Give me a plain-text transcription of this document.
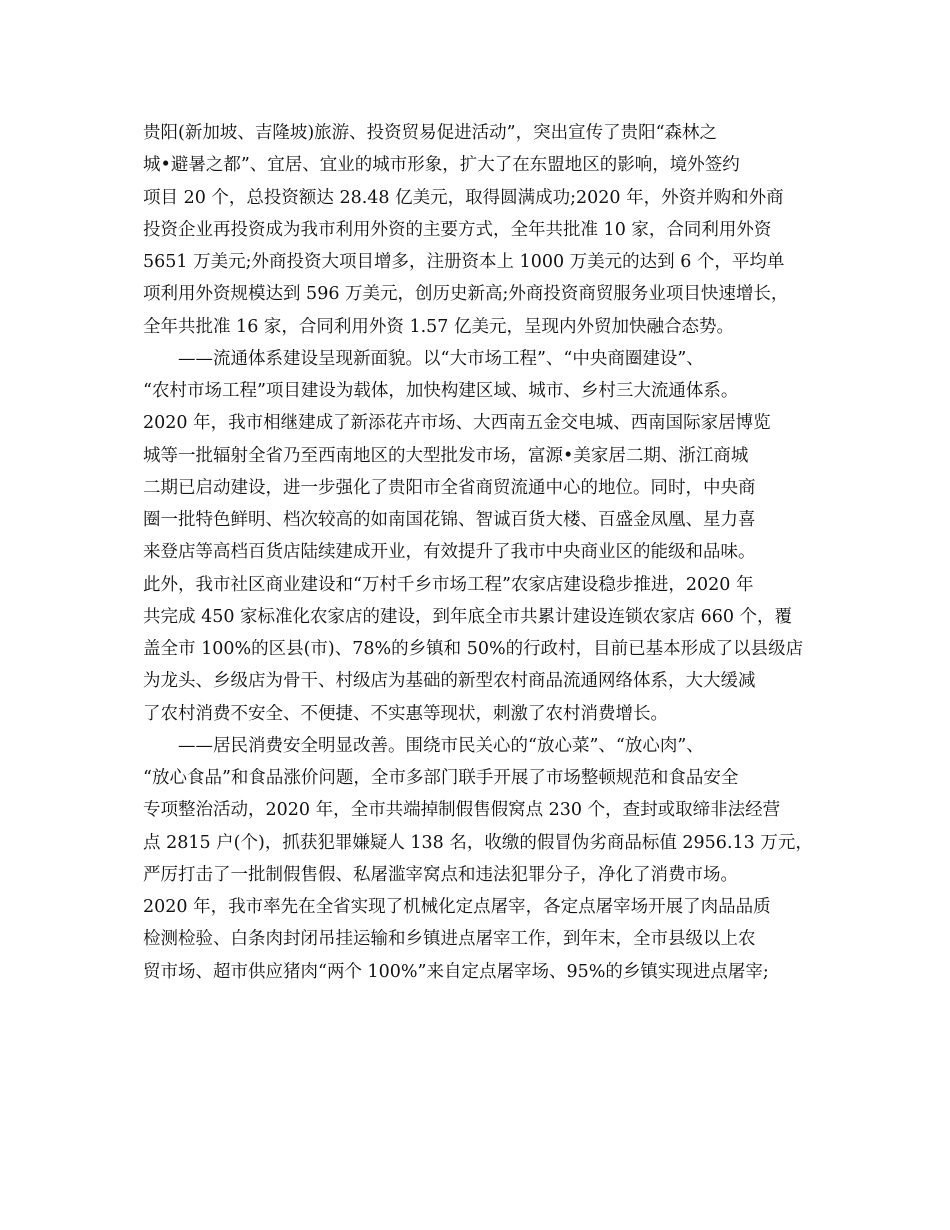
贵阳(新加坡、吉隆坡)旅游、投资贸易促进活动”，突出宣传了贵阳“森林之
城•避暑之都”、宜居、宜业的城市形象，扩大了在东盟地区的影响，境外签约
项目 20 个，总投资额达 28.48 亿美元，取得圆满成功;2020 年，外资并购和外商
投资企业再投资成为我市利用外资的主要方式，全年共批准 10 家，合同利用外资
5651 万美元;外商投资大项目增多，注册资本上 1000 万美元的达到 6 个，平均单
项利用外资规模达到 596 万美元，创历史新高;外商投资商贸服务业项目快速增长，
全年共批准 16 家，合同利用外资 1.57 亿美元，呈现内外贸加快融合态势。
　　——流通体系建设呈现新面貌。以“大市场工程”、“中央商圈建设”、
“农村市场工程”项目建设为载体，加快构建区域、城市、乡村三大流通体系。
2020 年，我市相继建成了新添花卉市场、大西南五金交电城、西南国际家居博览
城等一批辐射全省乃至西南地区的大型批发市场，富源•美家居二期、浙江商城
二期已启动建设，进一步强化了贵阳市全省商贸流通中心的地位。同时，中央商
圈一批特色鲜明、档次较高的如南国花锦、智诚百货大楼、百盛金凤凰、星力喜
来登店等高档百货店陆续建成开业，有效提升了我市中央商业区的能级和品味。
此外，我市社区商业建设和“万村千乡市场工程”农家店建设稳步推进，2020 年
共完成 450 家标准化农家店的建设，到年底全市共累计建设连锁农家店 660 个，覆
盖全市 100%的区县(市)、78%的乡镇和 50%的行政村，目前已基本形成了以县级店
为龙头、乡级店为骨干、村级店为基础的新型农村商品流通网络体系，大大缓减
了农村消费不安全、不便捷、不实惠等现状，刺激了农村消费增长。
　　——居民消费安全明显改善。围绕市民关心的“放心菜”、“放心肉”、
“放心食品”和食品涨价问题，全市多部门联手开展了市场整顿规范和食品安全
专项整治活动，2020 年，全市共端掉制假售假窝点 230 个，查封或取缔非法经营
点 2815 户(个)，抓获犯罪嫌疑人 138 名，收缴的假冒伪劣商品标值 2956.13 万元，
严厉打击了一批制假售假、私屠滥宰窝点和违法犯罪分子，净化了消费市场。
2020 年，我市率先在全省实现了机械化定点屠宰，各定点屠宰场开展了肉品品质
检测检验、白条肉封闭吊挂运输和乡镇进点屠宰工作，到年末，全市县级以上农
贸市场、超市供应猪肉“两个 100%”来自定点屠宰场、95%的乡镇实现进点屠宰;
